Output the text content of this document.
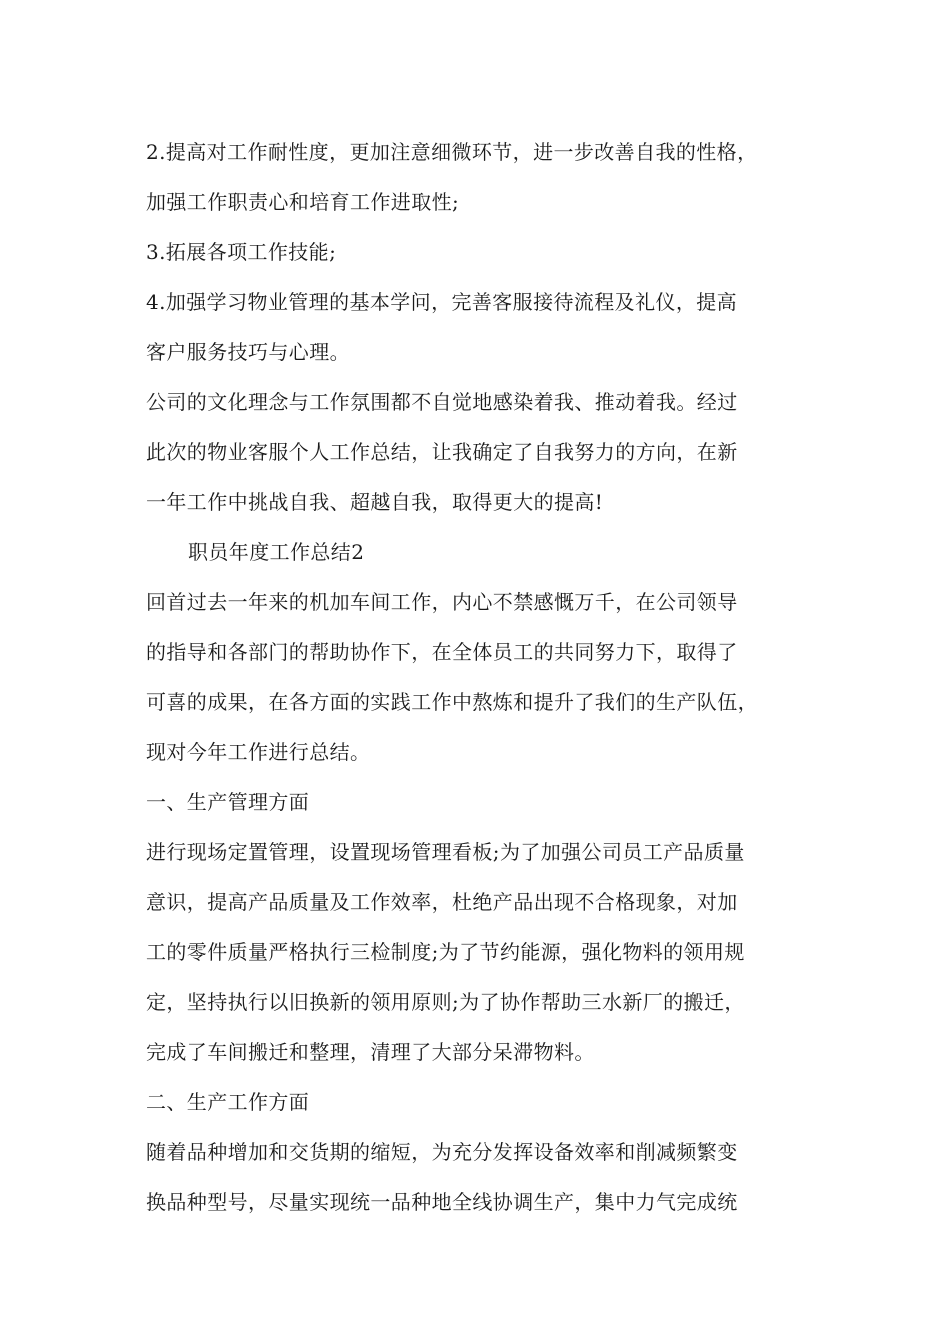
2.提高对工作耐性度，更加注意细微环节，进一步改善自我的性格，

加强工作职责心和培育工作进取性;

3.拓展各项工作技能;

4.加强学习物业管理的基本学问，完善客服接待流程及礼仪，提高

客户服务技巧与心理。

公司的文化理念与工作氛围都不自觉地感染着我、推动着我。经过

此次的物业客服个人工作总结，让我确定了自我努力的方向，在新

一年工作中挑战自我、超越自我，取得更大的提高!

职员年度工作总结2

回首过去一年来的机加车间工作，内心不禁感慨万千，在公司领导

的指导和各部门的帮助协作下，在全体员工的共同努力下，取得了

可喜的成果，在各方面的实践工作中熬炼和提升了我们的生产队伍，

现对今年工作进行总结。

一、生产管理方面

进行现场定置管理，设置现场管理看板;为了加强公司员工产品质量

意识，提高产品质量及工作效率，杜绝产品出现不合格现象，对加

工的零件质量严格执行三检制度;为了节约能源，强化物料的领用规

定，坚持执行以旧换新的领用原则;为了协作帮助三水新厂的搬迁，

完成了车间搬迁和整理，清理了大部分呆滞物料。

二、生产工作方面

随着品种增加和交货期的缩短，为充分发挥设备效率和削减频繁变

换品种型号，尽量实现统一品种地全线协调生产，集中力气完成统
